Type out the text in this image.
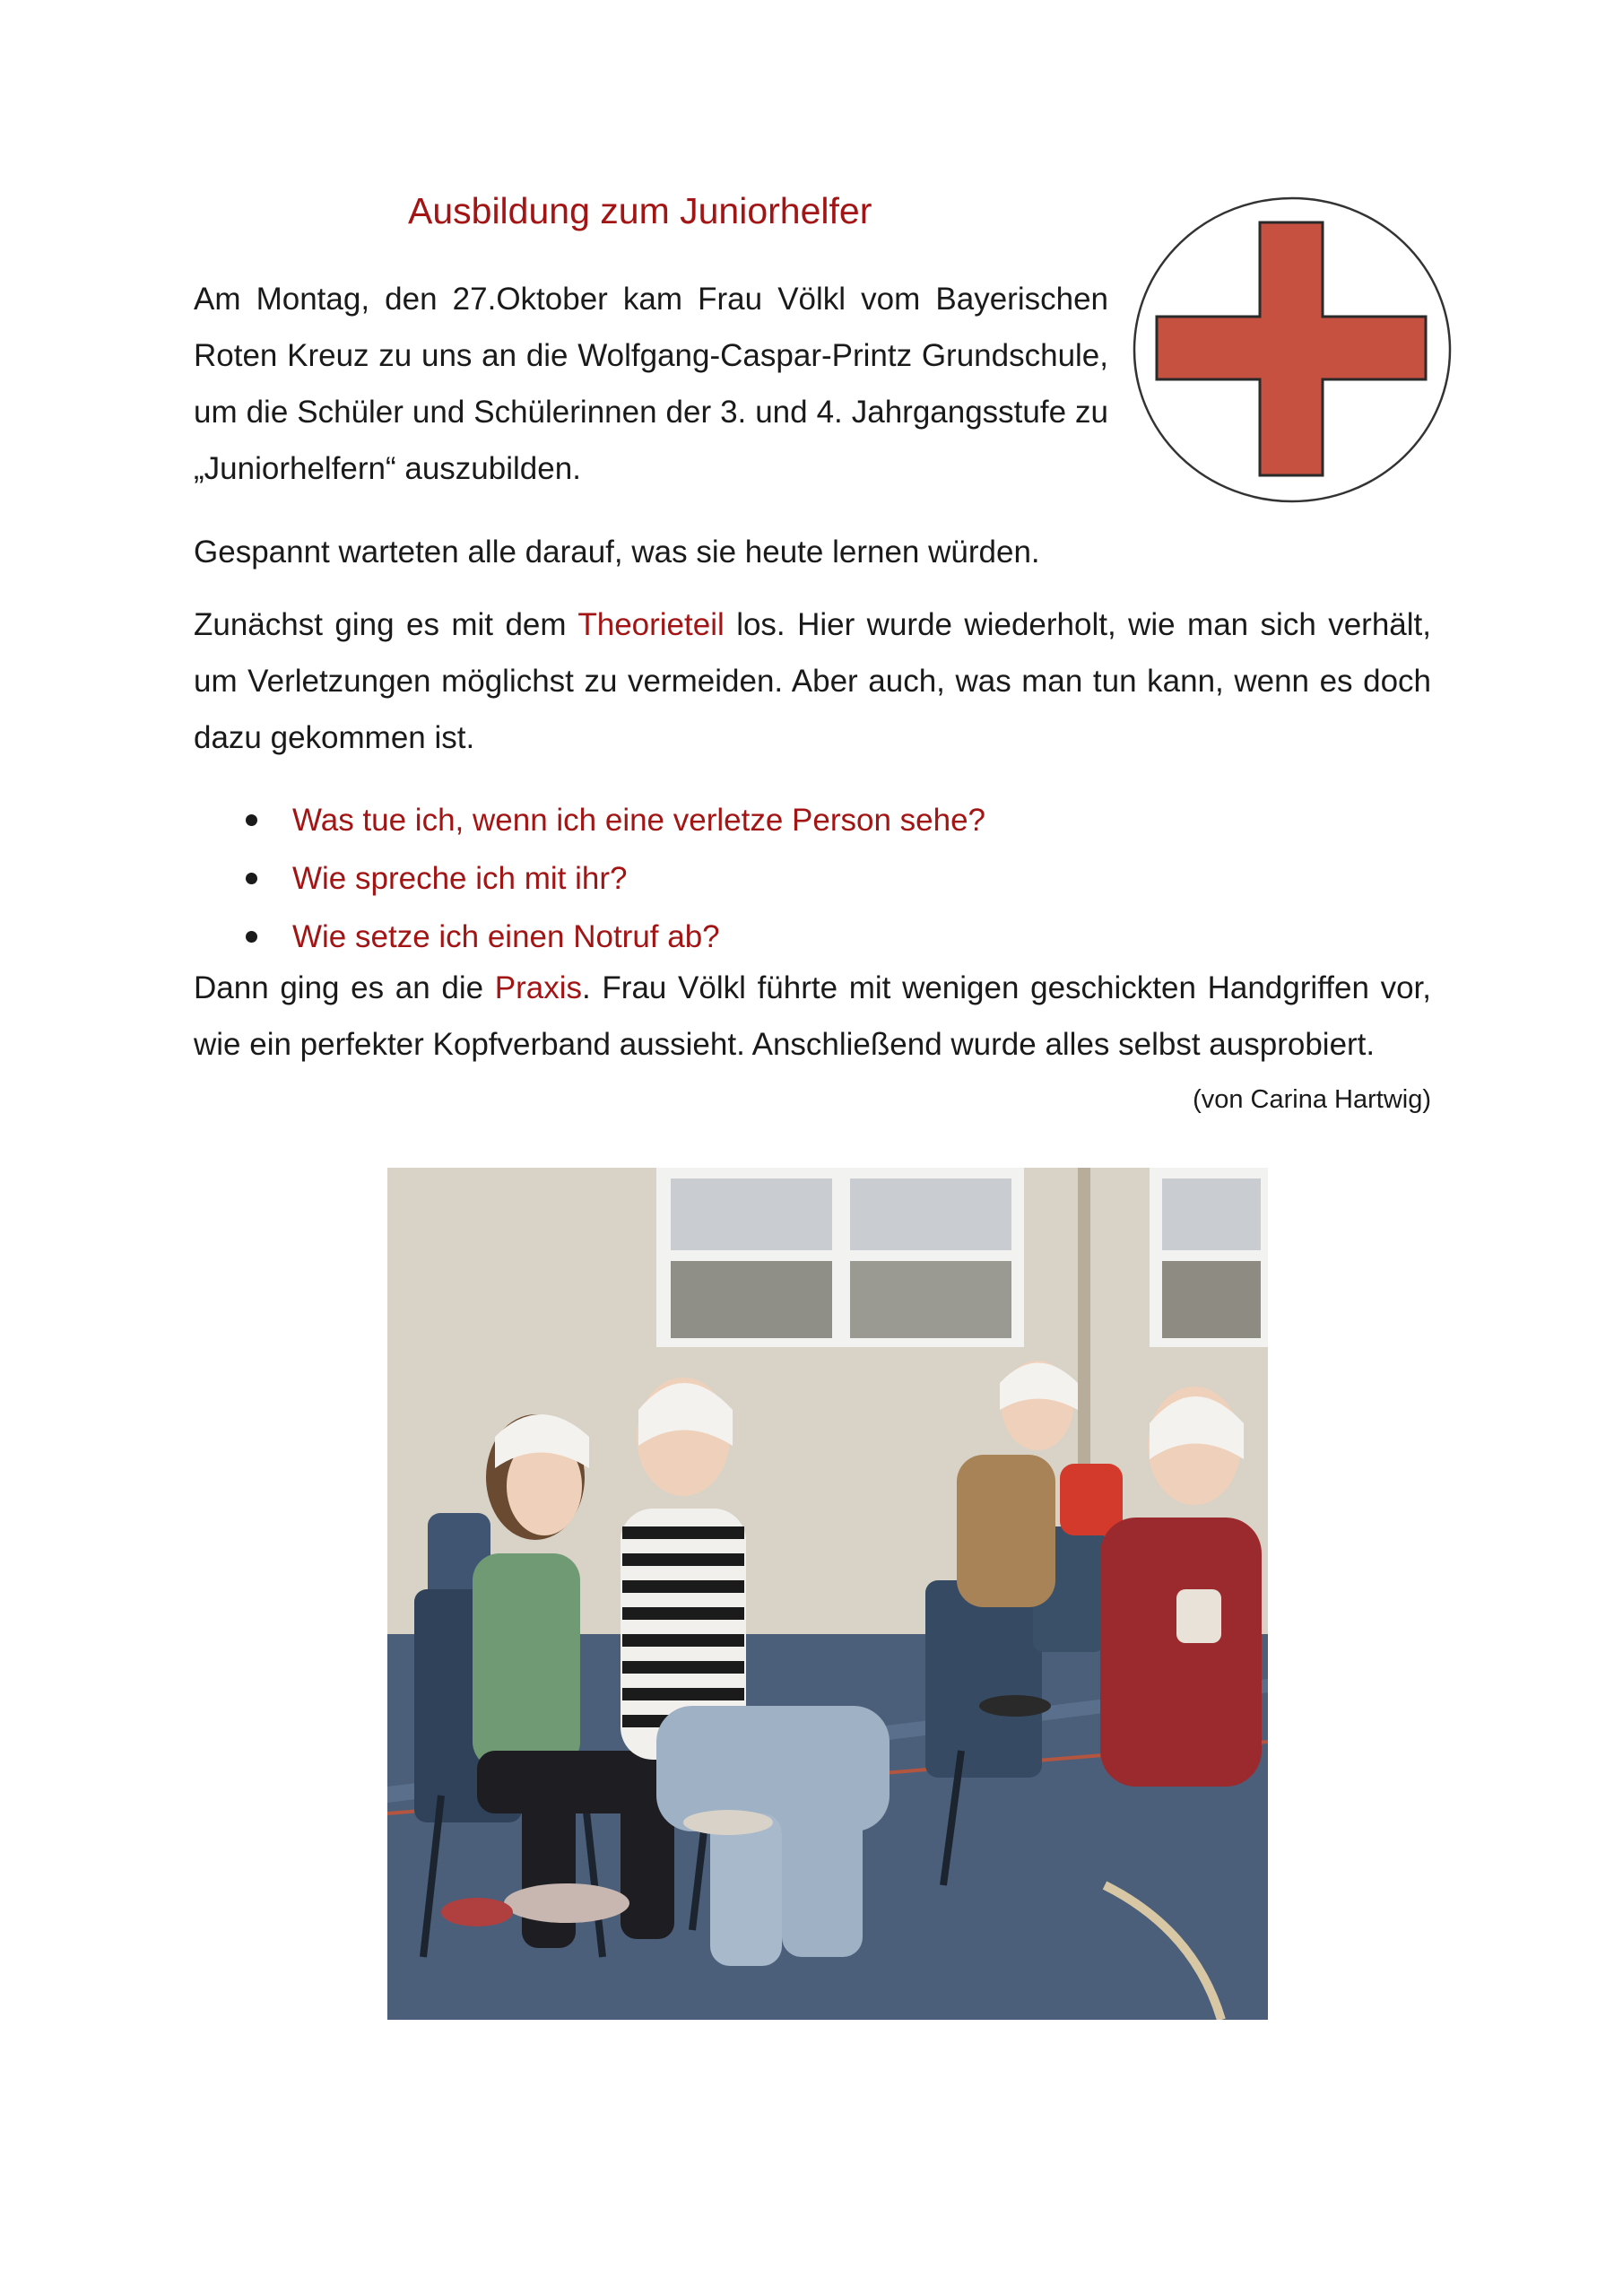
Ausbildung zum Juniorhelfer

Am Montag, den 27.Oktober kam Frau Völkl vom Bayerischen Roten Kreuz zu uns an die Wolfgang-Caspar-Printz Grundschule, um die Schüler und Schülerinnen der 3. und 4. Jahrgangsstufe zu „Juniorhelfern“ auszubilden.

Gespannt warteten alle darauf, was sie heute lernen würden.

Zunächst ging es mit dem Theorieteil los. Hier wurde wiederholt, wie man sich verhält, um Verletzungen möglichst zu vermeiden. Aber auch, was man tun kann, wenn es doch dazu gekommen ist.

Was tue ich, wenn ich eine verletze Person sehe?
Wie spreche ich mit ihr?
Wie setze ich einen Notruf ab?

Dann ging es an die Praxis. Frau Völkl führte mit wenigen geschickten Handgriffen vor, wie ein perfekter Kopfverband aussieht. Anschließend wurde alles selbst ausprobiert.

(von Carina Hartwig)
